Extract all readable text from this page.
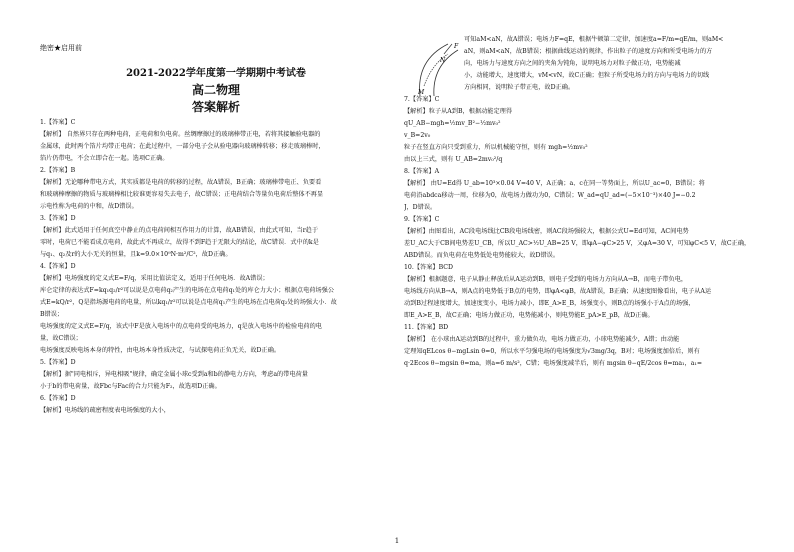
绝密★启用前
2021-2022学年度第一学期期中考试卷
高二物理
答案解析
1.【答案】C
【解析】 自然界只存在两种电荷，正电荷和负电荷。丝绸摩擦过的玻璃棒带正电，若将其接触验电器的
金属球，此时两个箔片均带正电荷；在此过程中，一部分电子会从验电器向玻璃棒转移；移走玻璃棒时，
箔片仍带电，不会立即合在一起。选项C正确。
2.【答案】B
【解析】无论哪种带电方式，其实质都是电荷的转移的过程，故A错误，B正确；玻璃棒带电正、负要看
和玻璃棒摩擦的物质与玻璃棒相比较谁更容易失去电子，故C错误；正电荷结合等量负电荷后整体不再显
示电性称为电荷的中和，故D错误。
3.【答案】D
【解析】此式适用于任何真空中静止的点电荷间相互作用力的计算，故AB错误，由此式可知，当r趋于
零时，电荷已不能看成点电荷，故此式不再成立，故得不到F趋于无限大的结论，故C错误．式中的k是
与q₁、q₂及r的大小无关的恒量，且k=9.0×10⁹N·m²/C²，故D正确。
4.【答案】D
【解析】电场强度的定义式E=F/q，采用比值法定义，适用于任何电场．故A错误；
库仑定律的表达式F=kq₁q₂/r²可以说是点电荷q₂产生的电场在点电荷q₁处的库仑力大小；根据点电荷场强公
式E=kQ/r²，Q是指场源电荷的电量，所以kq₁/r²可以说是点电荷q₁产生的电场在点电荷q₂处的场强大小．故
B错误；
电场强度的定义式E=F/q，该式中F是放入电场中的点电荷受的电场力，q是放入电场中的检验电荷的电
量，故C错误；
电场强度反映电场本身的特性，由电场本身性质决定，与试探电荷正负无关，故D正确。
5.【答案】D
【解析】据"同电相斥，异电相吸"规律，确定金属小球c受到a和b的静电力方向，考虑a的带电荷量
小于b的带电荷量，故Fbc与Fac的合力只能为F₂，故选项D正确。
6.【答案】D
【解析】电场线的疏密程度表电场强度的大小，
F
N
M
可知aM<aN，故A错误；电场力F=qE，根据牛顿第二定律，加速度a=F/m=qE/m，则aM<
aN，则aM<aN，故B错误；根据曲线运动的规律，作出粒子的速度方向和所受电场力的方
向，电场力与速度方向之间的夹角为钝角，说明电场力对粒子做正功，电势能减
小，动能增大，速度增大，vM<vN，故C正确；但粒子所受电场力的方向与电场力的切线
方向相同，说明粒子带正电，故D正确。
7.【答案】C
【解析】粒子从A到B，根据动能定理得
qU_AB−mgh=½mv_B²−½mv₀²
v_B=2v₀
粒子在竖直方向只受到重力，所以机械能守恒，则有 mgh=½mv₀²
由以上三式，则有 U_AB=2mv₀²/q
8.【答案】A
【解析】 由U=Ed得 U_ab=10³×0.04 V=40 V，A正确；a、c在同一等势面上，所以U_ac=0，B错误；将
电荷沿abdca移动一周，位移为0，故电场力做功为0，C错误；W_ad=qU_ad=(−5×10⁻³)×40 J=−0.2
J，D错误。
9.【答案】C
【解析】由图看出，AC段电场线比CB段电场线密，则AC段场强较大，根据公式U=Ed可知，AC间电势
差U_AC大于CB间电势差U_CB，所以U_AC>½U_AB=25 V，即φA−φC>25 V，又φA=30 V，可知φC<5 V，故C正确，
ABD错误。而负电荷在电势低处电势能较大，故D错误。
10.【答案】BCD
【解析】根据题意，电子从静止释放后从A运动到B，则电子受到的电场力方向从A→B，而电子带负电，
电场线方向从B→A，则A点的电势低于B点的电势，即φA<φB，故A错误，B正确；从速度图像看出，电子从A运
动到B过程速度增大，加速度变小，电场力减小，即E_A>E_B，场强变小，则B点的场强小于A点的场强，
即E_A>E_B，故C正确；电场力做正功，电势能减小，则电势能E_pA>E_pB，故D正确。
11.【答案】BD
【解析】 在小球由A运动到B的过程中，重力做负功，电场力做正功，小球电势能减少，A错；由动能
定理知qELcos θ−mgLsin θ=0，所以水平匀强电场的电场强度为√3mg/3q，B对；电场强度加倍后，则有
q·2Ecos θ−mgsin θ=ma，则a=6 m/s²，C错；电场强度减半后，则有 mgsin θ−qE/2cos θ=ma₁，a₁=
1
